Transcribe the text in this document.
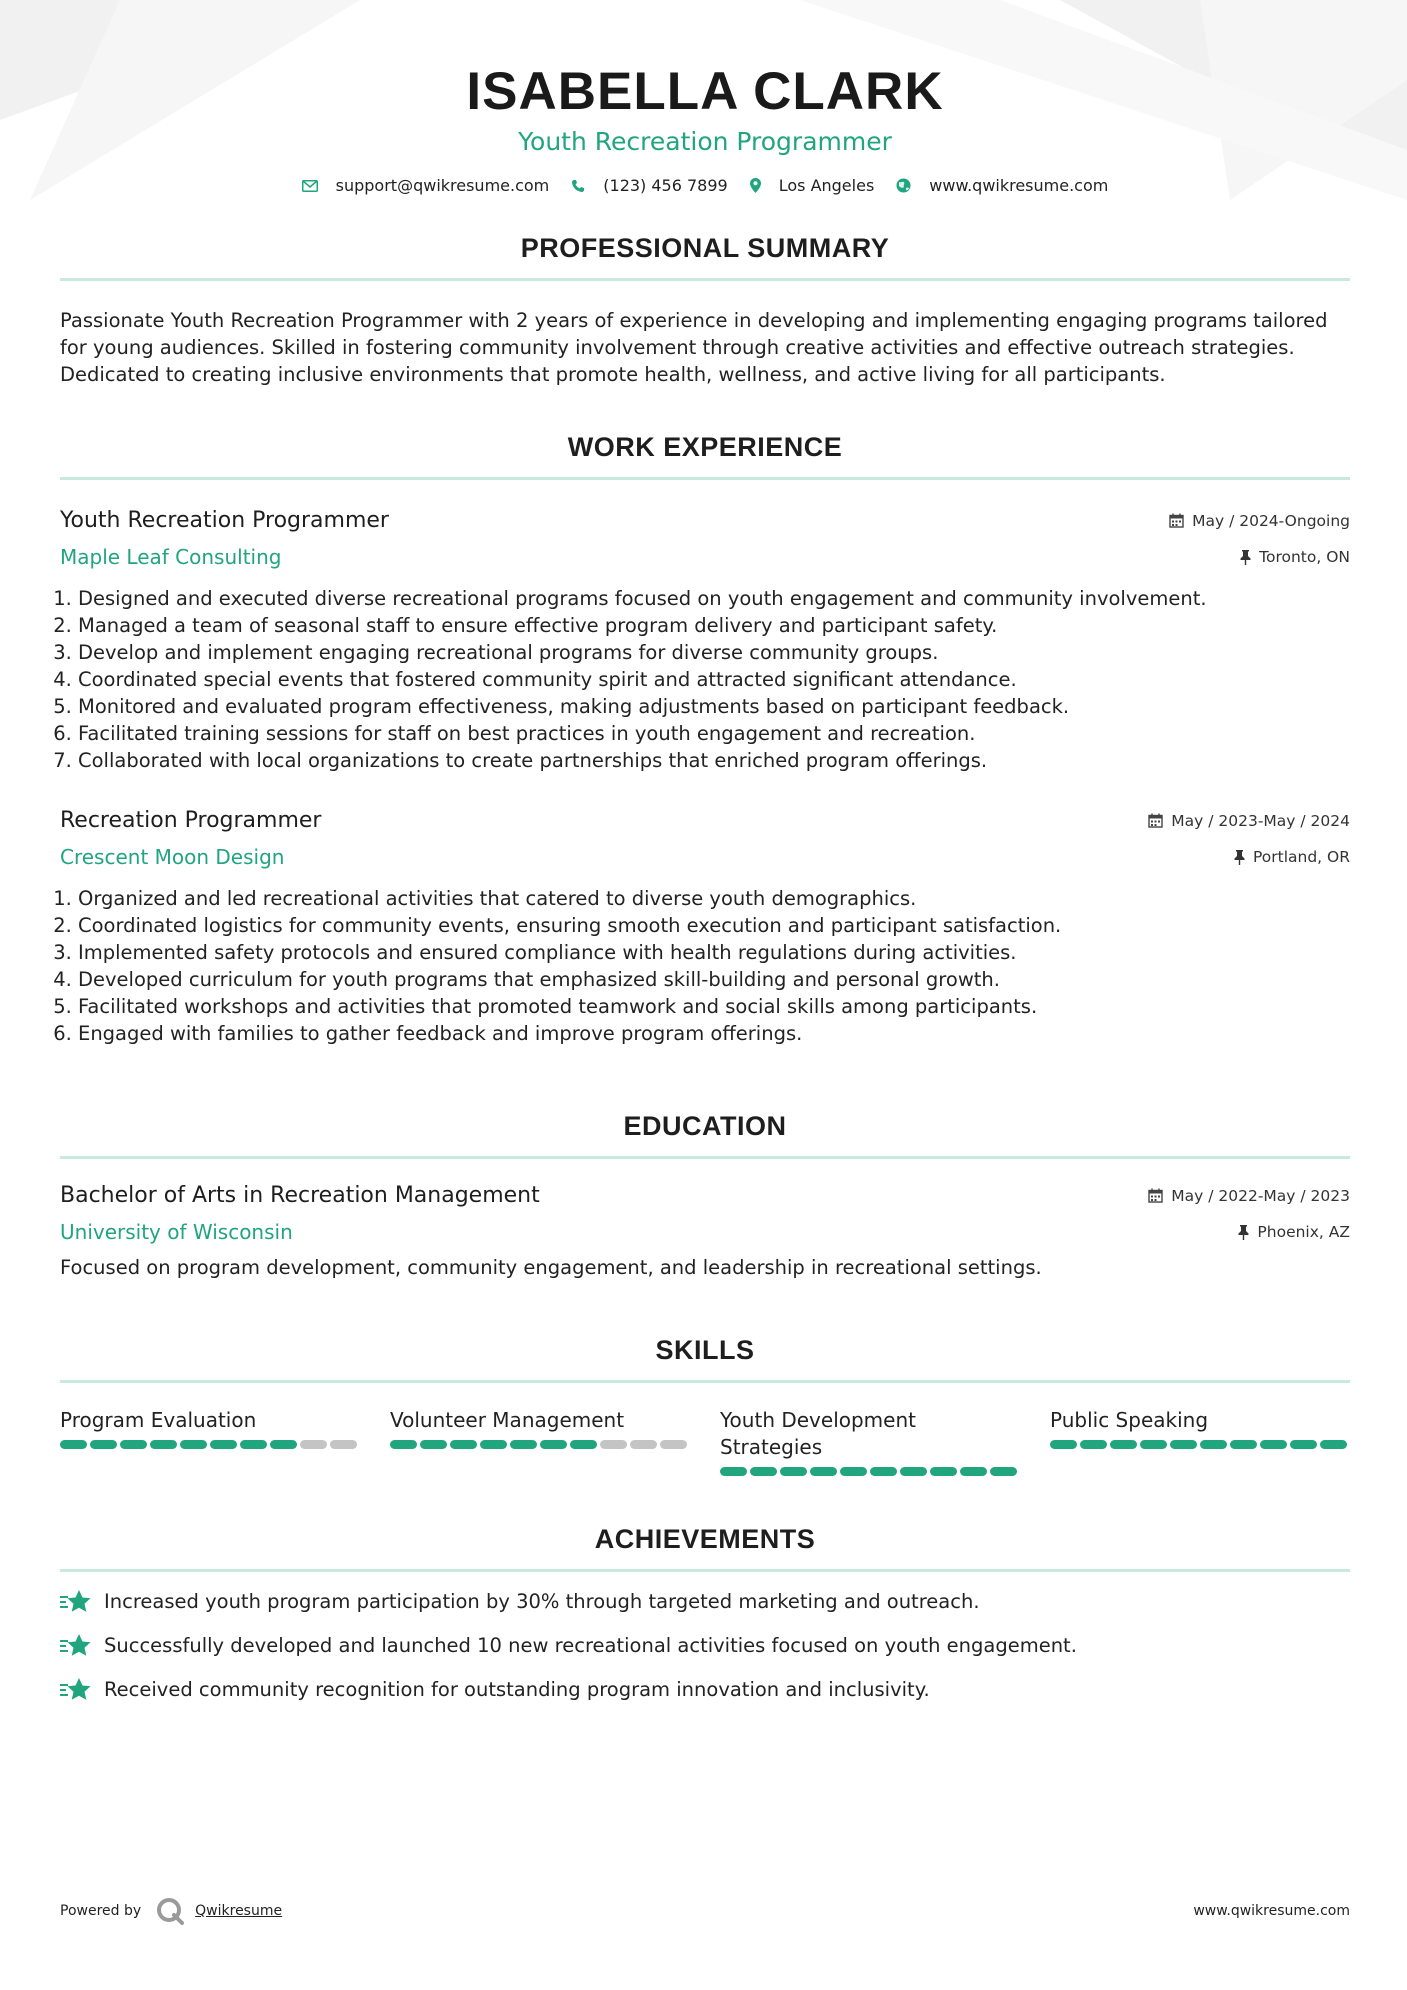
ISABELLA CLARK
Youth Recreation Programmer
support@qwikresume.com	(123) 456 7899	Los Angeles	www.qwikresume.com
PROFESSIONAL SUMMARY
Passionate Youth Recreation Programmer with 2 years of experience in developing and implementing engaging programs tailored for young audiences. Skilled in fostering community involvement through creative activities and effective outreach strategies. Dedicated to creating inclusive environments that promote health, wellness, and active living for all participants.
WORK EXPERIENCE
Youth Recreation Programmer	May / 2024-Ongoing
Maple Leaf Consulting	Toronto, ON
1. Designed and executed diverse recreational programs focused on youth engagement and community involvement.
2. Managed a team of seasonal staff to ensure effective program delivery and participant safety.
3. Develop and implement engaging recreational programs for diverse community groups.
4. Coordinated special events that fostered community spirit and attracted significant attendance.
5. Monitored and evaluated program effectiveness, making adjustments based on participant feedback.
6. Facilitated training sessions for staff on best practices in youth engagement and recreation.
7. Collaborated with local organizations to create partnerships that enriched program offerings.
Recreation Programmer	May / 2023-May / 2024
Crescent Moon Design	Portland, OR
1. Organized and led recreational activities that catered to diverse youth demographics.
2. Coordinated logistics for community events, ensuring smooth execution and participant satisfaction.
3. Implemented safety protocols and ensured compliance with health regulations during activities.
4. Developed curriculum for youth programs that emphasized skill-building and personal growth.
5. Facilitated workshops and activities that promoted teamwork and social skills among participants.
6. Engaged with families to gather feedback and improve program offerings.
EDUCATION
Bachelor of Arts in Recreation Management	May / 2022-May / 2023
University of Wisconsin	Phoenix, AZ
Focused on program development, community engagement, and leadership in recreational settings.
SKILLS
Program Evaluation	Volunteer Management	Youth Development Strategies
Public Speaking
ACHIEVEMENTS
Increased youth program participation by 30% through targeted marketing and outreach.
Successfully developed and launched 10 new recreational activities focused on youth engagement.
Received community recognition for outstanding program innovation and inclusivity.
Powered by	Qwikresume	www.qwikresume.com
